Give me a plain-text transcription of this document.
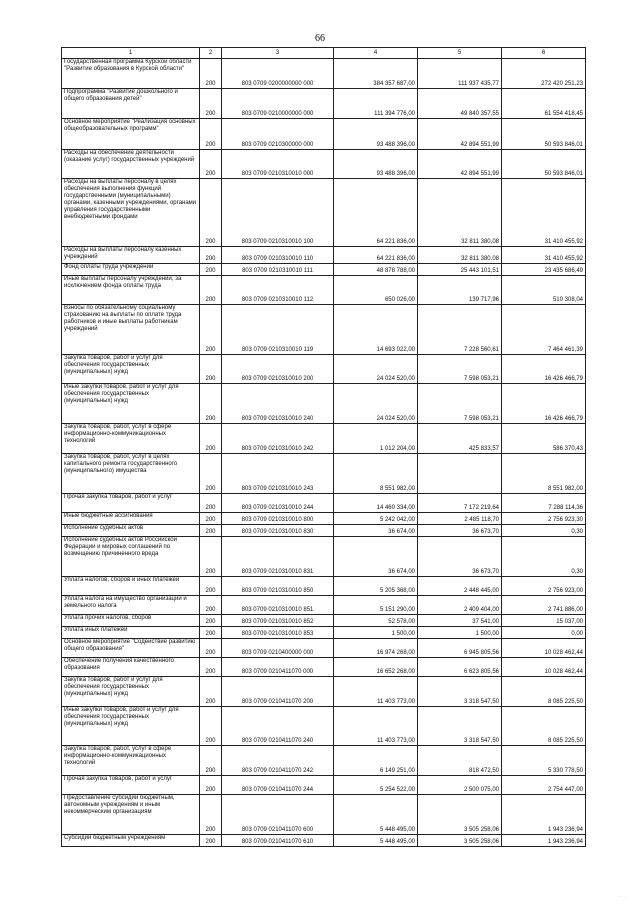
66
1	2	3	4	5	6
Государственная программа Курской области "Развитие образования в Курской области"	200	803 0709 0200000000 000	384 357 687,00	111 937 435,77	272 420 251,23
Подпрограмма "Развитие дошкольного и общего образования детей"	200	803 0709 0210000000 000	111 394 776,00	49 840 357,55	61 554 418,45
Основное мероприятие "Реализация основных общеобразовательных программ"	200	803 0709 0210300000 000	93 488 396,00	42 894 551,99	50 593 846,01
Расходы на обеспечение деятельности (оказание услуг) государственных учреждений	200	803 0709 0210310010 000	93 488 396,00	42 894 551,99	50 593 846,01
Расходы на выплаты персоналу в целях обеспечения выполнения функций государственными (муниципальными) органами, казенными учреждениями, органами управления государственными внебюджетными фондами	200	803 0709 0210310010 100	64 221 836,00	32 811 380,08	31 410 455,92
Расходы на выплаты персоналу казенных учреждений	200	803 0709 0210310010 110	64 221 836,00	32 811 380,08	31 410 455,92
Фонд оплаты труда учреждений	200	803 0709 0210310010 111	48 878 788,00	25 443 101,51	23 435 686,49
Иные выплаты персоналу учреждений, за исключением фонда оплаты труда	200	803 0709 0210310010 112	650 026,00	139 717,96	510 308,04
Взносы по обязательному социальному страхованию на выплаты по оплате труда работников и иные выплаты работникам учреждений	200	803 0709 0210310010 119	14 693 022,00	7 228 560,61	7 464 461,39
Закупка товаров, работ и услуг для обеспечения государственных (муниципальных) нужд	200	803 0709 0210310010 200	24 024 520,00	7 598 053,21	16 426 466,79
Иные закупки товаров, работ и услуг для обеспечения государственных (муниципальных) нужд	200	803 0709 0210310010 240	24 024 520,00	7 598 053,21	16 426 466,79
Закупка товаров, работ, услуг в сфере информационно-коммуникационных технологий	200	803 0709 0210310010 242	1 012 204,00	425 833,57	586 370,43
Закупка товаров, работ, услуг в целях капитального ремонта государственного (муниципального) имущества	200	803 0709 0210310010 243	8 551 982,00		8 551 982,00
Прочая закупка товаров, работ и услуг	200	803 0709 0210310010 244	14 460 334,00	7 172 219,64	7 288 114,36
Иные бюджетные ассигнования	200	803 0709 0210310010 800	5 242 042,00	2 485 118,70	2 756 923,30
Исполнение судебных актов	200	803 0709 0210310010 830	36 674,00	36 673,70	0,30
Исполнение судебных актов Российской Федерации и мировых соглашений по возмещению причиненного вреда	200	803 0709 0210310010 831	36 674,00	36 673,70	0,30
Уплата налогов, сборов и иных платежей	200	803 0709 0210310010 850	5 205 368,00	2 448 445,00	2 756 923,00
Уплата налога на имущество организаций и земельного налога	200	803 0709 0210310010 851	5 151 290,00	2 409 404,00	2 741 886,00
Уплата прочих налогов, сборов	200	803 0709 0210310010 852	52 578,00	37 541,00	15 037,00
Уплата иных платежей	200	803 0709 0210310010 853	1 500,00	1 500,00	0,00
Основное мероприятие "Содействие развитию общего образования"	200	803 0709 0210400000 000	16 974 268,00	6 945 805,56	10 028 462,44
Обеспечение получения качественного образования	200	803 0709 0210411070 000	16 652 268,00	6 623 805,56	10 028 462,44
Закупка товаров, работ и услуг для обеспечения государственных (муниципальных) нужд	200	803 0709 0210411070 200	11 403 773,00	3 318 547,50	8 085 225,50
Иные закупки товаров, работ и услуг для обеспечения государственных (муниципальных) нужд	200	803 0709 0210411070 240	11 403 773,00	3 318 547,50	8 085 225,50
Закупка товаров, работ, услуг в сфере информационно-коммуникационных технологий	200	803 0709 0210411070 242	6 149 251,00	818 472,50	5 330 778,50
Прочая закупка товаров, работ и услуг	200	803 0709 0210411070 244	5 254 522,00	2 500 075,00	2 754 447,00
Предоставление субсидий бюджетным, автономным учреждениям и иным некоммерческим организациям	200	803 0709 0210411070 600	5 448 495,00	3 505 258,06	1 943 236,94
Субсидии бюджетным учреждениям	200	803 0709 0210411070 610	5 448 495,00	3 505 258,06	1 943 236,94
· · ·
